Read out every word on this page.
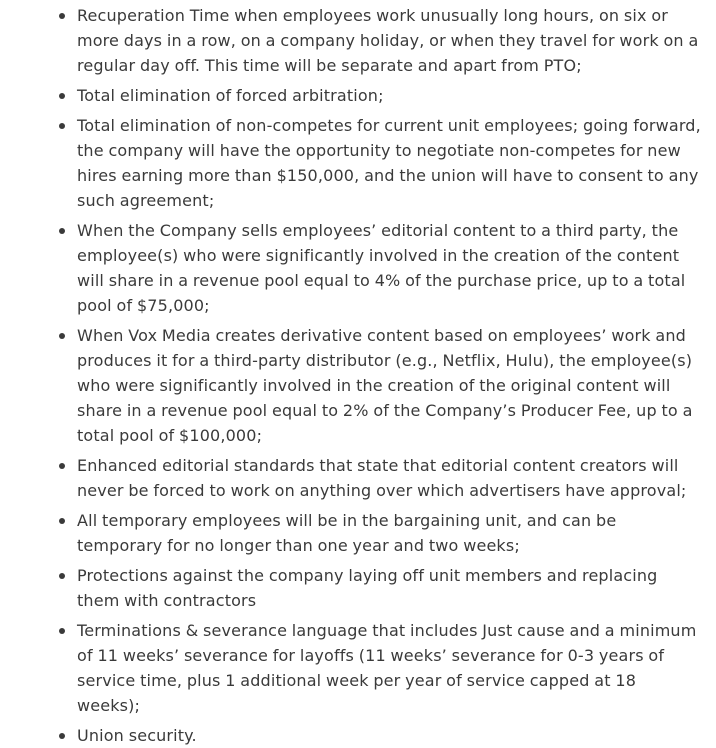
Recuperation Time when employees work unusually long hours, on six or more days in a row, on a company holiday, or when they travel for work on a regular day off. This time will be separate and apart from PTO;
Total elimination of forced arbitration;
Total elimination of non-competes for current unit employees; going forward, the company will have the opportunity to negotiate non-competes for new hires earning more than $150,000, and the union will have to consent to any such agreement;
When the Company sells employees’ editorial content to a third party, the employee(s) who were significantly involved in the creation of the content will share in a revenue pool equal to 4% of the purchase price, up to a total pool of $75,000;
When Vox Media creates derivative content based on employees’ work and produces it for a third-party distributor (e.g., Netflix, Hulu), the employee(s) who were significantly involved in the creation of the original content will share in a revenue pool equal to 2% of the Company’s Producer Fee, up to a total pool of $100,000;
Enhanced editorial standards that state that editorial content creators will never be forced to work on anything over which advertisers have approval;
All temporary employees will be in the bargaining unit, and can be temporary for no longer than one year and two weeks;
Protections against the company laying off unit members and replacing them with contractors
Terminations & severance language that includes Just cause and a minimum of 11 weeks’ severance for layoffs (11 weeks’ severance for 0-3 years of service time, plus 1 additional week per year of service capped at 18 weeks);
Union security.
